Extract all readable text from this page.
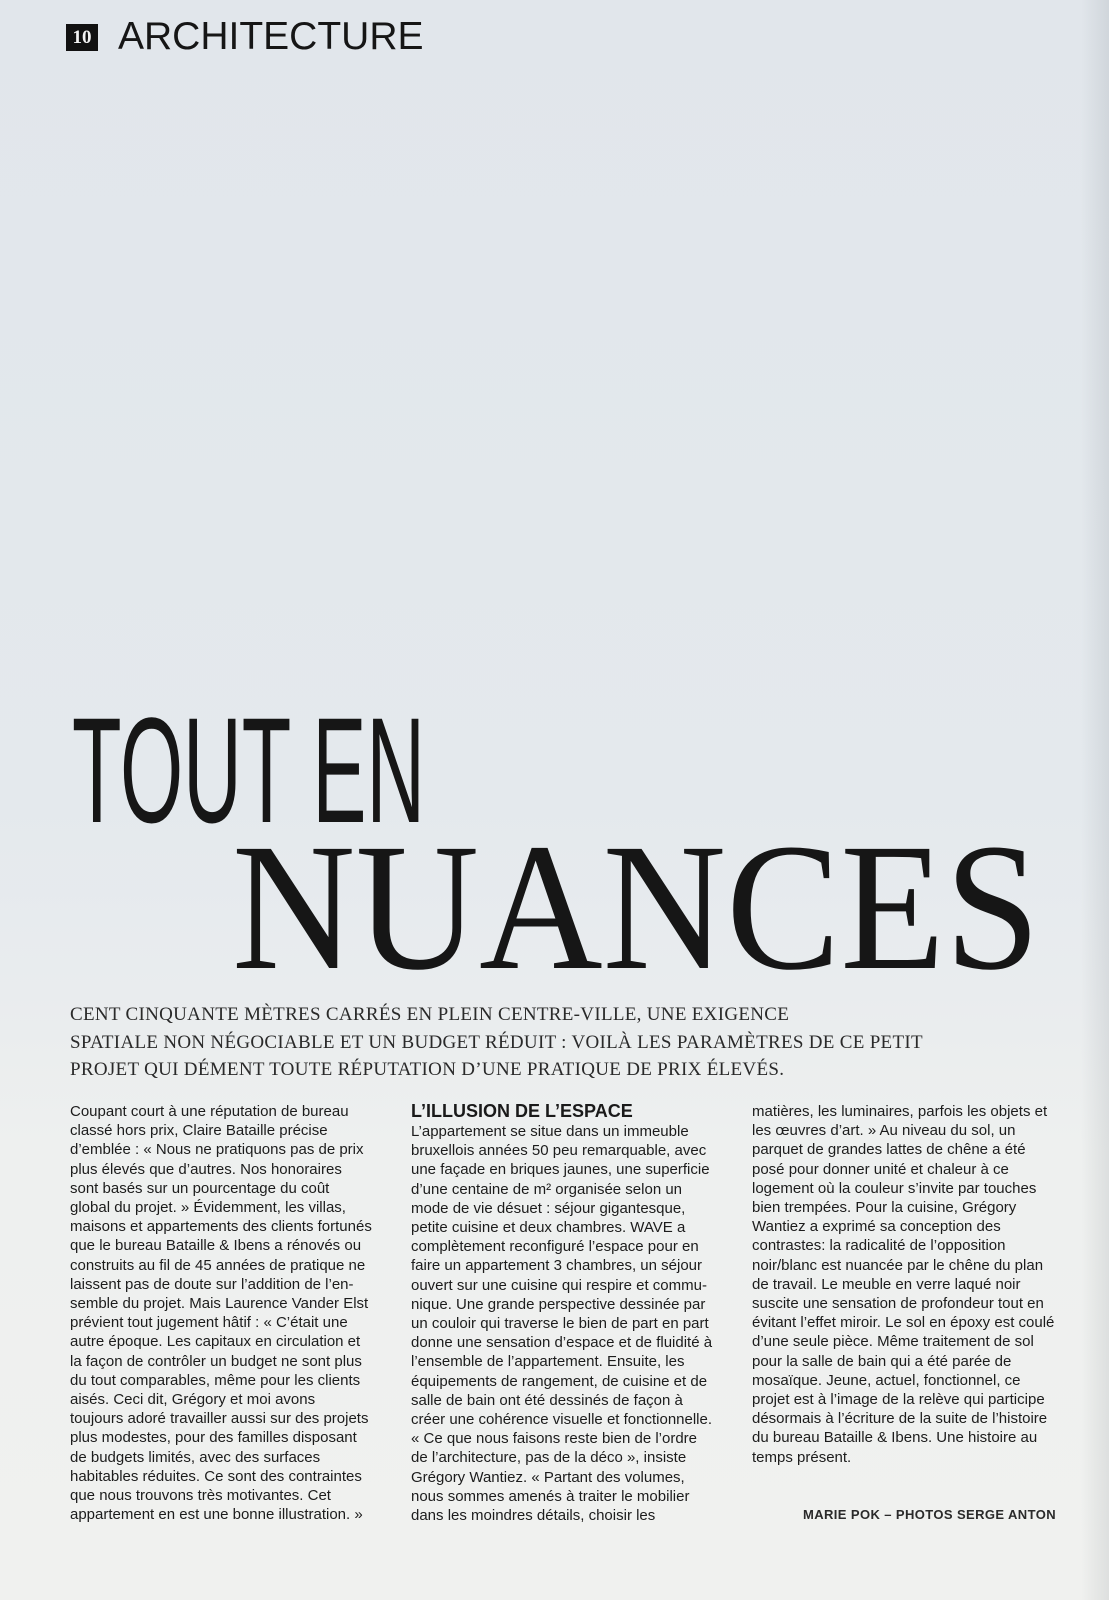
10 ARCHITECTURE
TOUT EN
NUANCES
CENT CINQUANTE MÈTRES CARRÉS EN PLEIN CENTRE-VILLE, UNE EXIGENCE
SPATIALE NON NÉGOCIABLE ET UN BUDGET RÉDUIT : VOILÀ LES PARAMÈTRES DE CE PETIT
PROJET QUI DÉMENT TOUTE RÉPUTATION D’UNE PRATIQUE DE PRIX ÉLEVÉS.
Coupant court à une réputation de bureau
classé hors prix, Claire Bataille précise
d’emblée : « Nous ne pratiquons pas de prix
plus élevés que d’autres. Nos honoraires
sont basés sur un pourcentage du coût
global du projet. » Évidemment, les villas,
maisons et appartements des clients fortunés
que le bureau Bataille & Ibens a rénovés ou
construits au fil de 45 années de pratique ne
laissent pas de doute sur l’addition de l’en-
semble du projet. Mais Laurence Vander Elst
prévient tout jugement hâtif : « C’était une
autre époque. Les capitaux en circulation et
la façon de contrôler un budget ne sont plus
du tout comparables, même pour les clients
aisés. Ceci dit, Grégory et moi avons
toujours adoré travailler aussi sur des projets
plus modestes, pour des familles disposant
de budgets limités, avec des surfaces
habitables réduites. Ce sont des contraintes
que nous trouvons très motivantes. Cet
appartement en est une bonne illustration. »
L’ILLUSION DE L’ESPACE
L’appartement se situe dans un immeuble
bruxellois années 50 peu remarquable, avec
une façade en briques jaunes, une superficie
d’une centaine de m² organisée selon un
mode de vie désuet : séjour gigantesque,
petite cuisine et deux chambres. WAVE a
complètement reconfiguré l’espace pour en
faire un appartement 3 chambres, un séjour
ouvert sur une cuisine qui respire et commu-
nique. Une grande perspective dessinée par
un couloir qui traverse le bien de part en part
donne une sensation d’espace et de fluidité à
l’ensemble de l’appartement. Ensuite, les
équipements de rangement, de cuisine et de
salle de bain ont été dessinés de façon à
créer une cohérence visuelle et fonctionnelle.
« Ce que nous faisons reste bien de l’ordre
de l’architecture, pas de la déco », insiste
Grégory Wantiez. « Partant des volumes,
nous sommes amenés à traiter le mobilier
dans les moindres détails, choisir les
matières, les luminaires, parfois les objets et
les œuvres d’art. » Au niveau du sol, un
parquet de grandes lattes de chêne a été
posé pour donner unité et chaleur à ce
logement où la couleur s’invite par touches
bien trempées. Pour la cuisine, Grégory
Wantiez a exprimé sa conception des
contrastes: la radicalité de l’opposition
noir/blanc est nuancée par le chêne du plan
de travail. Le meuble en verre laqué noir
suscite une sensation de profondeur tout en
évitant l’effet miroir. Le sol en époxy est coulé
d’une seule pièce. Même traitement de sol
pour la salle de bain qui a été parée de
mosaïque. Jeune, actuel, fonctionnel, ce
projet est à l’image de la relève qui participe
désormais à l’écriture de la suite de l’histoire
du bureau Bataille & Ibens. Une histoire au
temps présent.
MARIE POK – PHOTOS SERGE ANTON
